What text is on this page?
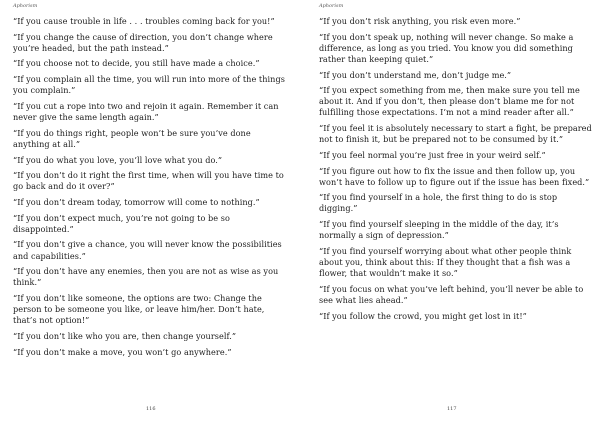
Aphorism

“If you cause trouble in life . . . troubles coming back for you!”

“If you change the cause of direction, you don’t change where you’re headed, but the path instead.”

“If you choose not to decide, you still have made a choice.”

“If you complain all the time, you will run into more of the things you complain.”

“If you cut a rope into two and rejoin it again. Remember it can never give the same length again.”

“If you do things right, people won’t be sure you’ve done anything at all.”

“If you do what you love, you’ll love what you do.”

“If you don’t do it right the first time, when will you have time to go back and do it over?”

“If you don’t dream today, tomorrow will come to nothing.”

“If you don’t expect much, you’re not going to be so disappointed.”

“If you don’t give a chance, you will never know the possibilities and capabilities.”

“If you don’t have any enemies, then you are not as wise as you think.”

“If you don’t like someone, the options are two: Change the person to be someone you like, or leave him/her. Don’t hate, that’s not option!”

“If you don’t like who you are, then change yourself.”

“If you don’t make a move, you won’t go anywhere.”

116
Aphorism

“If you don’t risk anything, you risk even more.”

“If you don’t speak up, nothing will never change. So make a difference, as long as you tried. You know you did something rather than keeping quiet.”

“If you don’t understand me, don’t judge me.”

“If you expect something from me, then make sure you tell me about it. And if you don’t, then please don’t blame me for not fulfilling those expectations. I’m not a mind reader after all.”

“If you feel it is absolutely necessary to start a fight, be prepared not to finish it, but be prepared not to be consumed by it.”

“If you feel normal you’re just free in your weird self.”

“If you figure out how to fix the issue and then follow up, you won’t have to follow up to figure out if the issue has been fixed.”

“If you find yourself in a hole, the first thing to do is stop digging.”

“If you find yourself sleeping in the middle of the day, it’s normally a sign of depression.”

“If you find yourself worrying about what other people think about you, think about this: If they thought that a fish was a flower, that wouldn’t make it so.”

“If you focus on what you’ve left behind, you’ll never be able to see what lies ahead.”

“If you follow the crowd, you might get lost in it!”

117
